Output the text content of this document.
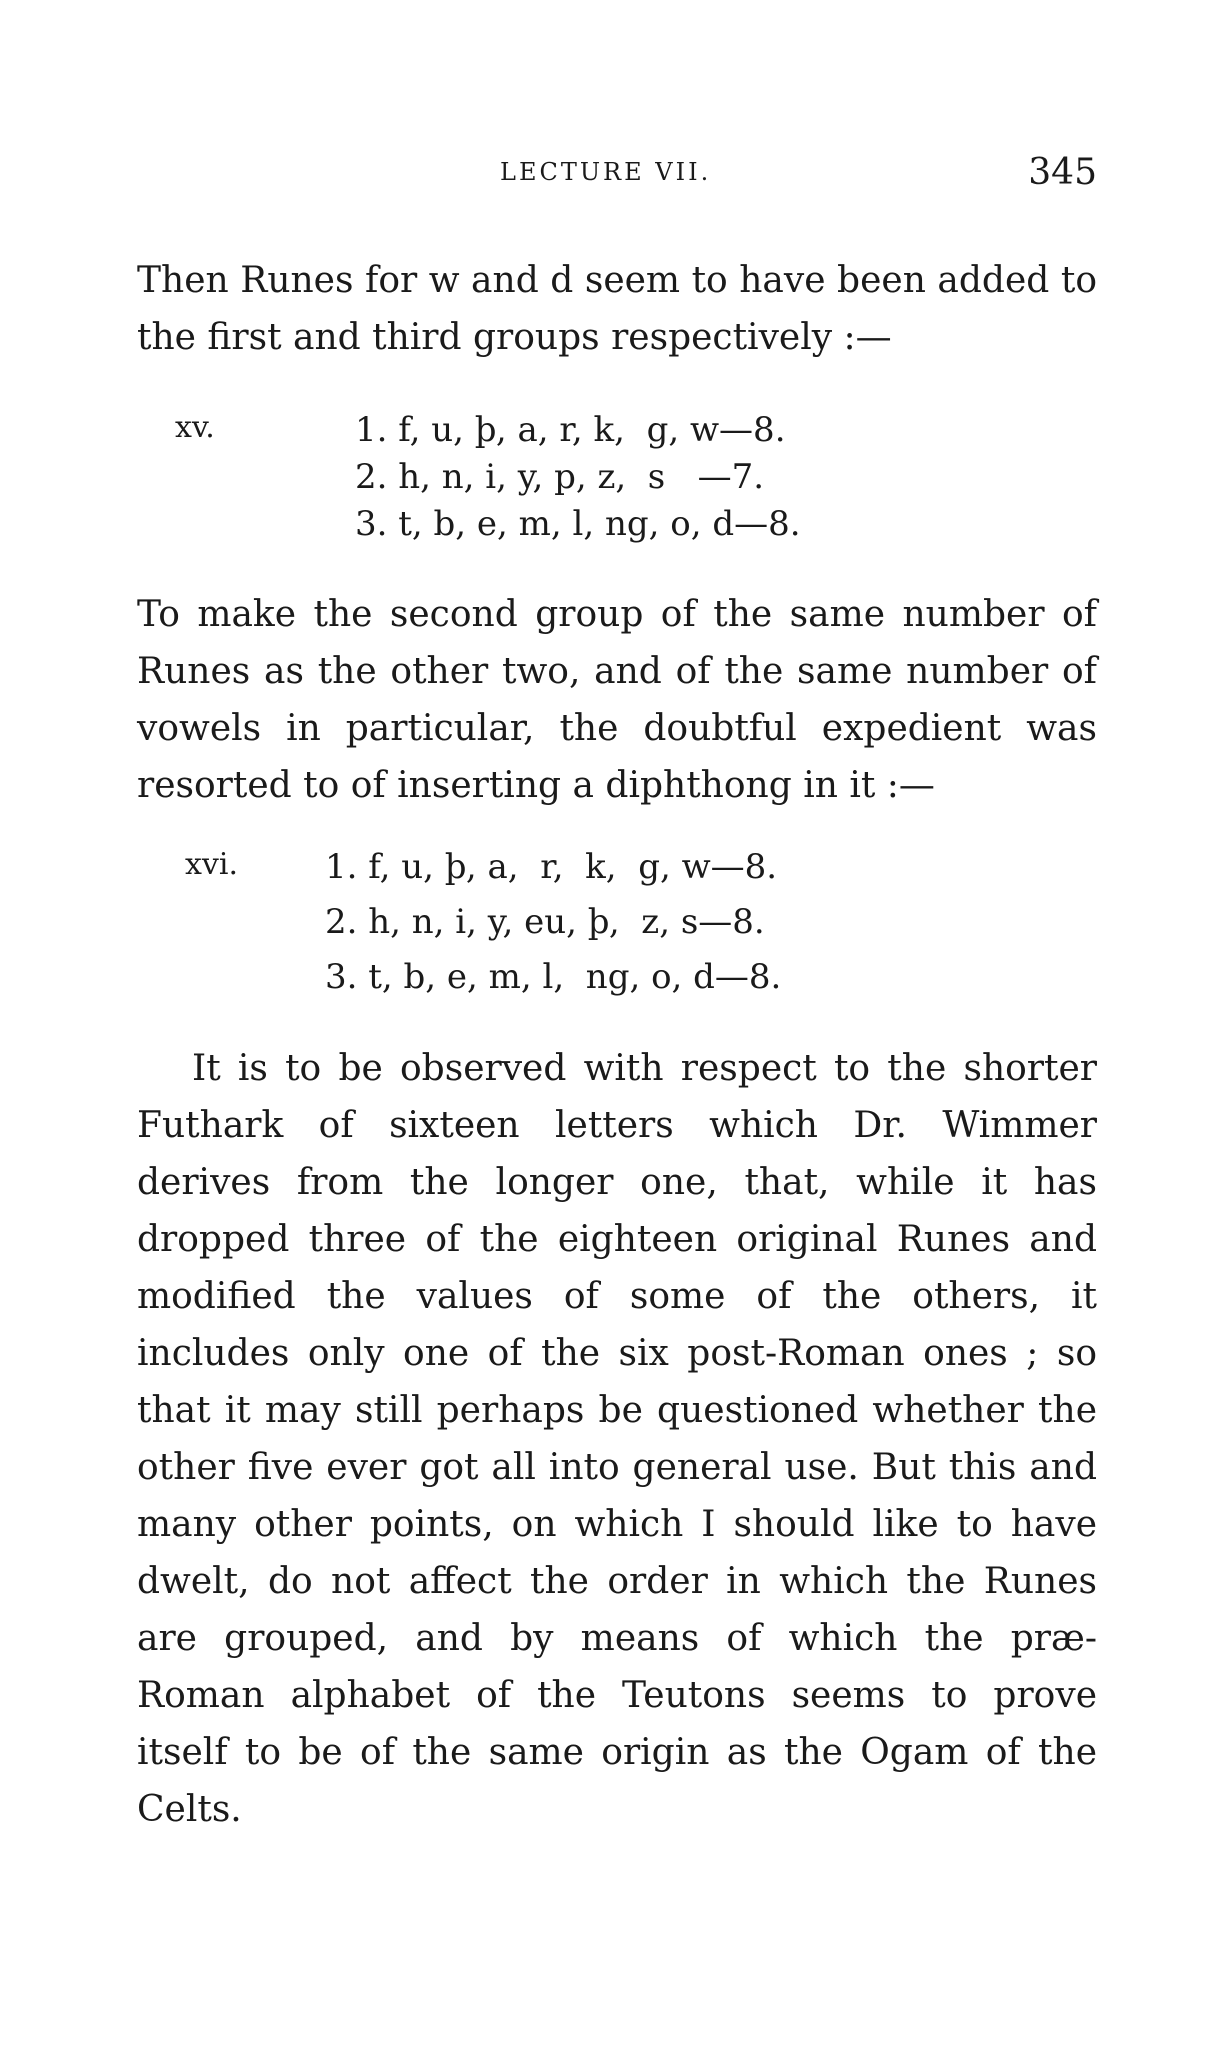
LECTURE VII.	345

Then Runes for w and d seem to have been added to the first and third groups respectively :—

xv.	1. f, u, þ, a, r, k,  g, w—8.
2. h, n, i, y, p, z,  s   —7.
3. t, b, e, m, l, ng, o, d—8.

To make the second group of the same number of Runes as the other two, and of the same number of vowels in particular, the doubtful expedient was resorted to of inserting a diphthong in it :—

xvi.	1. f, u, þ, a,  r,  k,  g, w—8.
2. h, n, i, y, eu, þ,  z, s—8.
3. t, b, e, m, l,  ng, o, d—8.

It is to be observed with respect to the shorter Futhark of sixteen letters which Dr. Wimmer derives from the longer one, that, while it has dropped three of the eighteen original Runes and modified the values of some of the others, it includes only one of the six post-Roman ones ; so that it may still perhaps be questioned whether the other five ever got all into general use. But this and many other points, on which I should like to have dwelt, do not affect the order in which the Runes are grouped, and by means of which the præ-Roman alphabet of the Teutons seems to prove itself to be of the same origin as the Ogam of the Celts.
